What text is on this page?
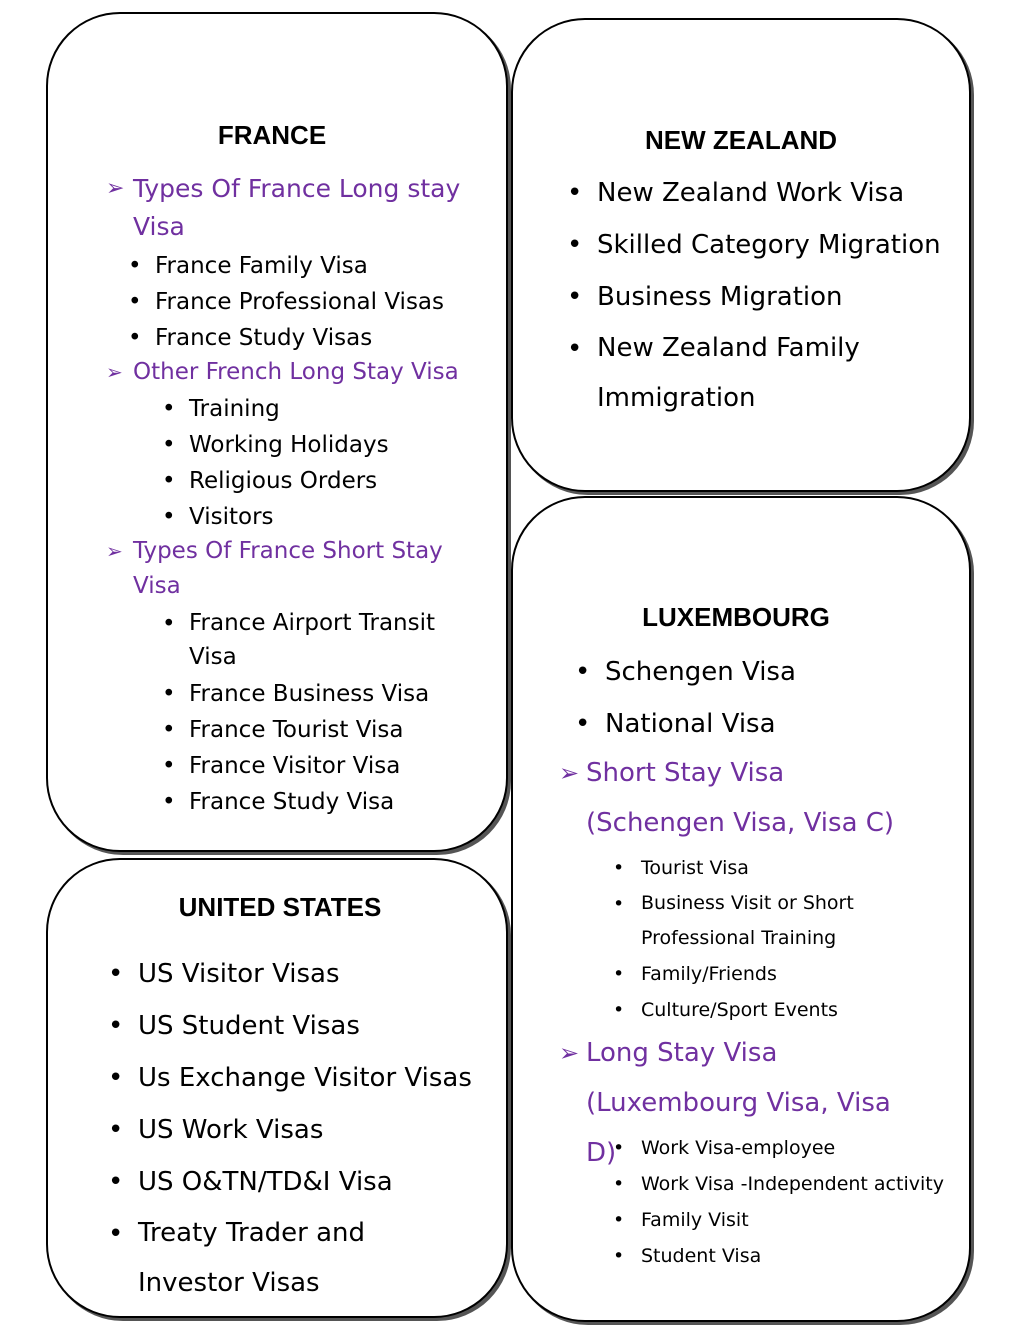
FRANCE
➢ Types Of France Long stay Visa
• France Family Visa
• France Professional Visas
• France Study Visas
➢ Other French Long Stay Visa
• Training
• Working Holidays
• Religious Orders
• Visitors
➢ Types Of France Short Stay Visa
• France Airport Transit Visa
• France Business Visa
• France Tourist Visa
• France Visitor Visa
• France Study Visa
NEW ZEALAND
• New Zealand Work Visa
• Skilled Category Migration
• Business Migration
• New Zealand Family Immigration
LUXEMBOURG
• Schengen Visa
• National Visa
➢ Short Stay Visa (Schengen Visa, Visa C)
• Tourist Visa
• Business Visit or Short Professional Training
• Family/Friends
• Culture/Sport Events
➢ Long Stay Visa (Luxembourg Visa, Visa D)
• Work Visa-employee
• Work Visa -Independent activity
• Family Visit
• Student Visa
UNITED STATES
• US Visitor Visas
• US Student Visas
• Us Exchange Visitor Visas
• US Work Visas
• US O&TN/TD&I Visa
• Treaty Trader and Investor Visas
